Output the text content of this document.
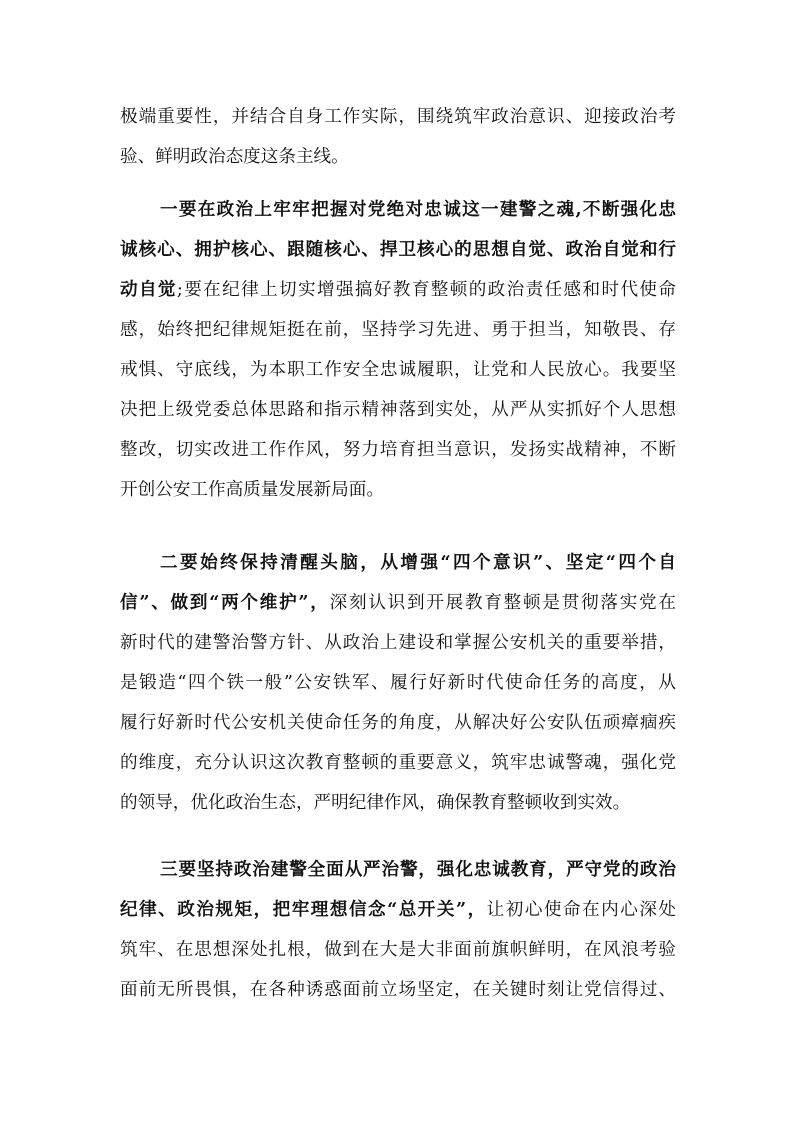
极端重要性，并结合自身工作实际，围绕筑牢政治意识、迎接政治考
验、鲜明政治态度这条主线。
一要在政治上牢牢把握对党绝对忠诚这一建警之魂,不断强化忠
诚核心、拥护核心、跟随核心、捍卫核心的思想自觉、政治自觉和行
动自觉;要在纪律上切实增强搞好教育整顿的政治责任感和时代使命
感，始终把纪律规矩挺在前，坚持学习先进、勇于担当，知敬畏、存
戒惧、守底线，为本职工作安全忠诚履职，让党和人民放心。我要坚
决把上级党委总体思路和指示精神落到实处，从严从实抓好个人思想
整改，切实改进工作作风，努力培育担当意识，发扬实战精神，不断
开创公安工作高质量发展新局面。
二要始终保持清醒头脑，从增强“四个意识”、坚定“四个自
信”、做到“两个维护”，深刻认识到开展教育整顿是贯彻落实党在
新时代的建警治警方针、从政治上建设和掌握公安机关的重要举措，
是锻造“四个铁一般”公安铁军、履行好新时代使命任务的高度，从
履行好新时代公安机关使命任务的角度，从解决好公安队伍顽瘴痼疾
的维度，充分认识这次教育整顿的重要意义，筑牢忠诚警魂，强化党
的领导，优化政治生态，严明纪律作风，确保教育整顿收到实效。
三要坚持政治建警全面从严治警，强化忠诚教育，严守党的政治
纪律、政治规矩，把牢理想信念“总开关”，让初心使命在内心深处
筑牢、在思想深处扎根，做到在大是大非面前旗帜鲜明，在风浪考验
面前无所畏惧，在各种诱惑面前立场坚定，在关键时刻让党信得过、
